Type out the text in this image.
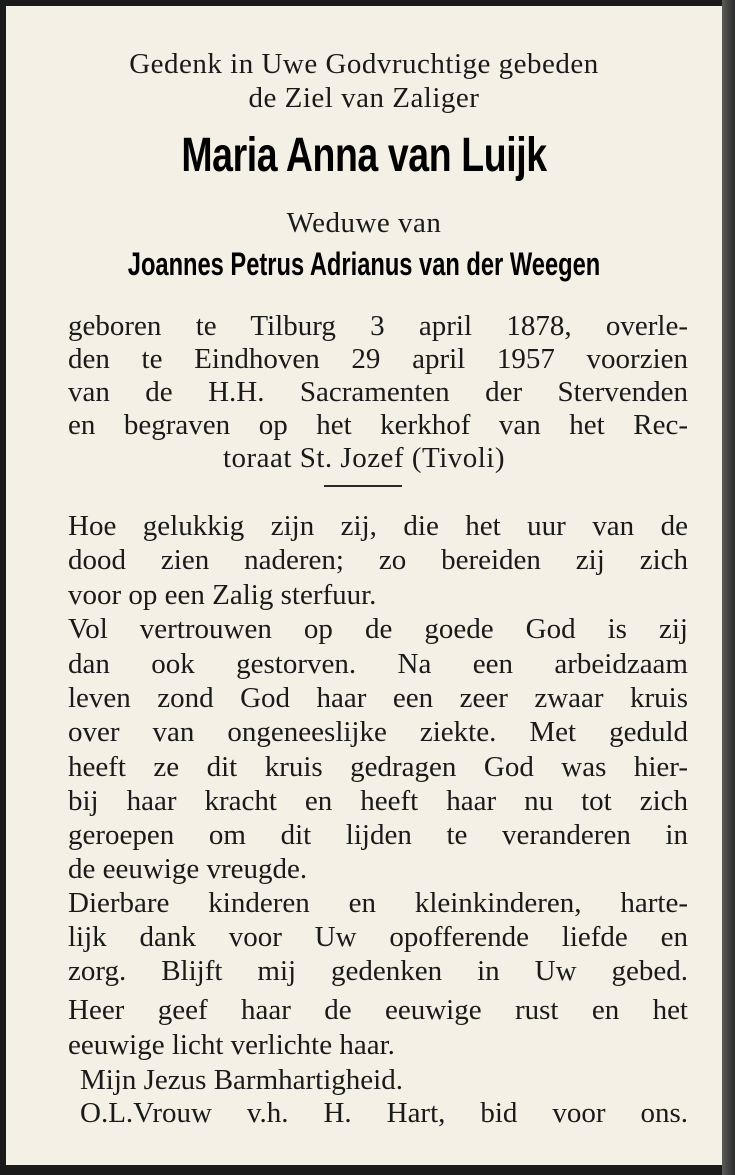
Gedenk in Uwe Godvruchtige gebeden

de Ziel van Zaliger

Maria Anna van Luijk

Weduwe van

Joannes Petrus Adrianus van der Weegen

geboren te Tilburg 3 april 1878, overle-

den te Eindhoven 29 april 1957 voorzien

van de H.H. Sacramenten der Stervenden

en begraven op het kerkhof van het Rec-

toraat St. Jozef (Tivoli)

Hoe gelukkig zijn zij, die het uur van de

dood zien naderen; zo bereiden zij zich

voor op een Zalig sterfuur.

Vol vertrouwen op de goede God is zij

dan ook gestorven. Na een arbeidzaam

leven zond God haar een zeer zwaar kruis

over van ongeneeslijke ziekte. Met geduld

heeft ze dit kruis gedragen God was hier-

bij haar kracht en heeft haar nu tot zich

geroepen om dit lijden te veranderen in

de eeuwige vreugde.

Dierbare kinderen en kleinkinderen, harte-

lijk dank voor Uw opofferende liefde en

zorg. Blijft mij gedenken in Uw gebed.

Heer geef haar de eeuwige rust en het

eeuwige licht verlichte haar.

Mijn Jezus Barmhartigheid.

O.L.Vrouw v.h. H. Hart, bid voor ons.
